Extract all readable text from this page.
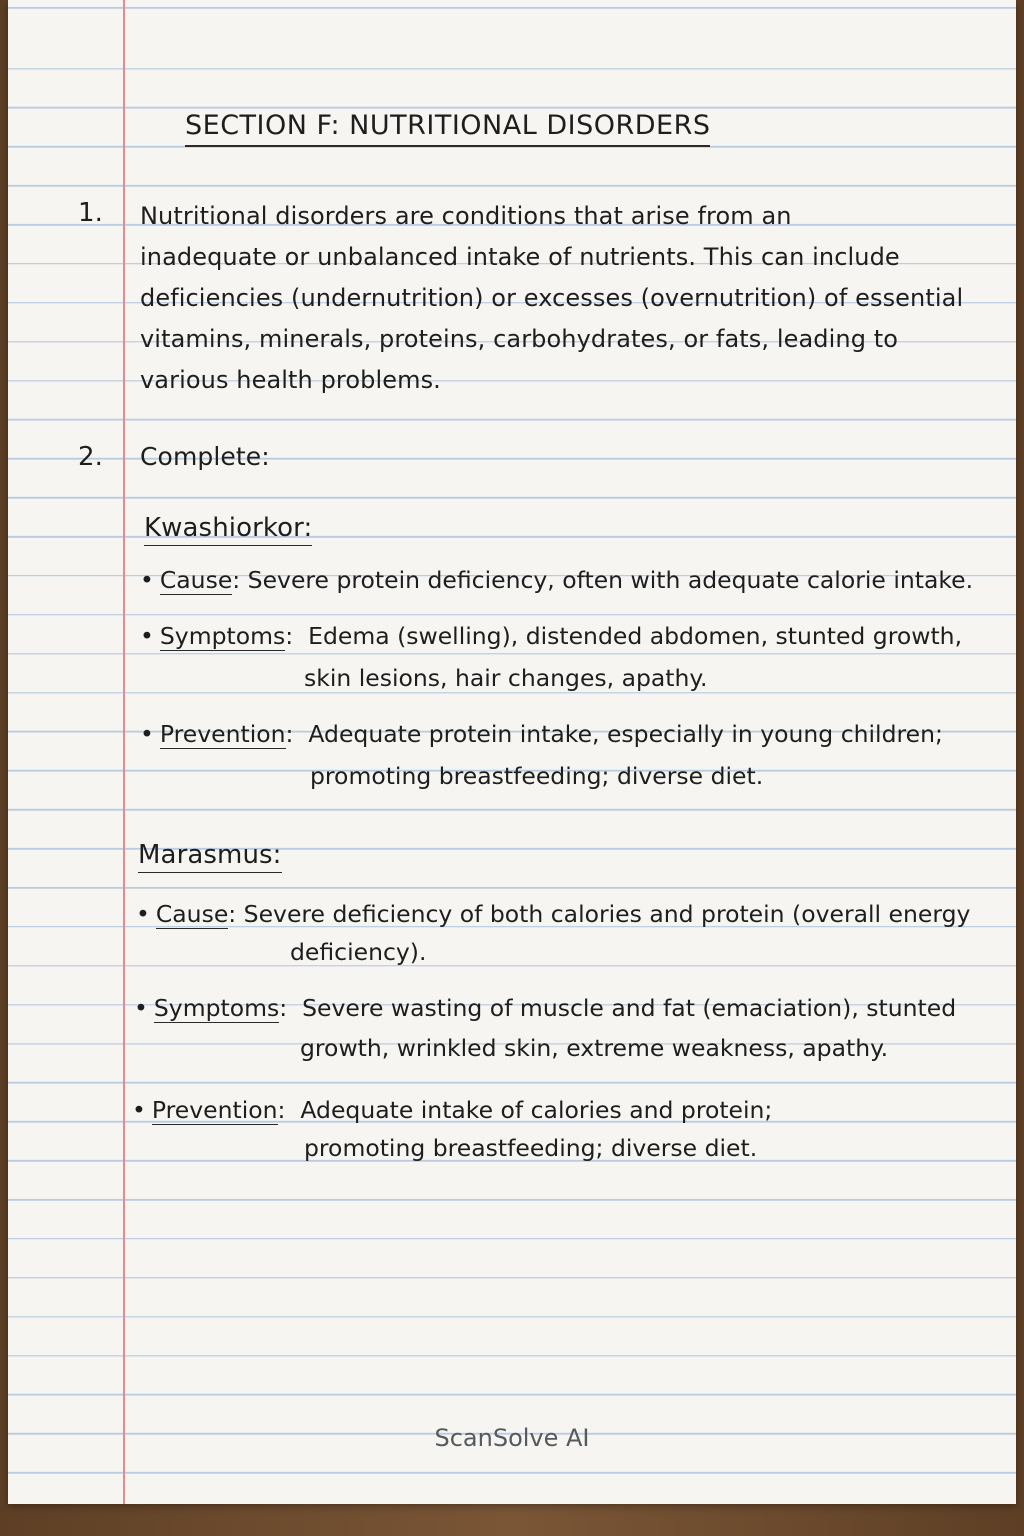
SECTION F: NUTRITIONAL DISORDERS
1. Nutritional disorders are conditions that arise from an
inadequate or unbalanced intake of nutrients. This can include
deficiencies (undernutrition) or excesses (overnutrition) of essential
vitamins, minerals, proteins, carbohydrates, or fats, leading to
various health problems.
2. Complete:
Kwashiorkor:
• Cause: Severe protein deficiency, often with adequate calorie intake.
• Symptoms:  Edema (swelling), distended abdomen, stunted growth,
skin lesions, hair changes, apathy.
• Prevention:  Adequate protein intake, especially in young children;
promoting breastfeeding; diverse diet.
Marasmus:
• Cause: Severe deficiency of both calories and protein (overall energy
deficiency).
• Symptoms:  Severe wasting of muscle and fat (emaciation), stunted
growth, wrinkled skin, extreme weakness, apathy.
• Prevention:  Adequate intake of calories and protein;
promoting breastfeeding; diverse diet.
ScanSolve AI
